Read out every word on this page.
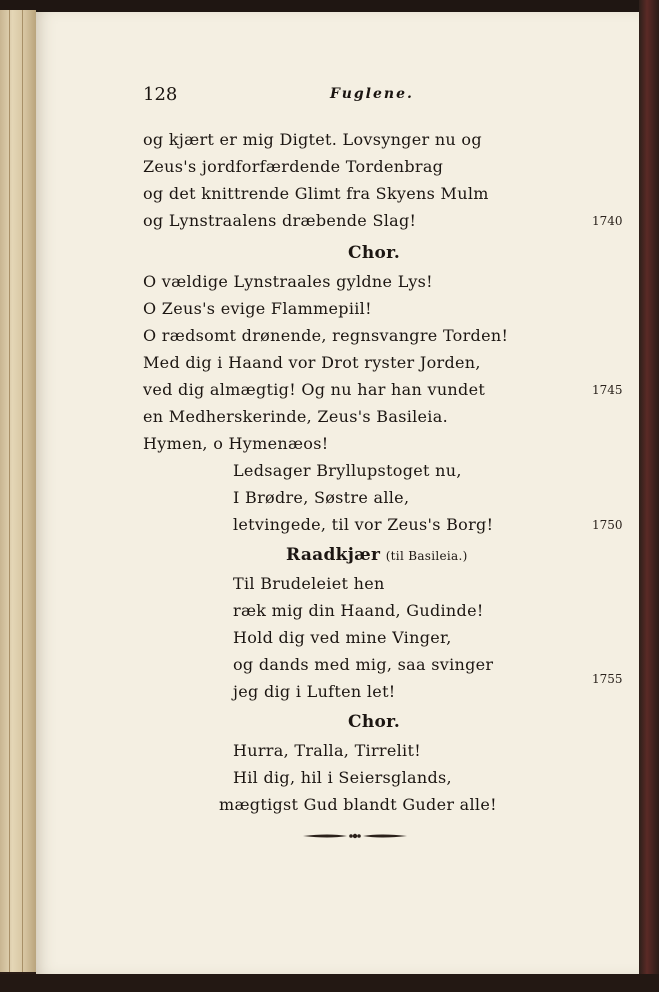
128	Fuglene.
og kjært er mig Digtet. Lovsynger nu og
Zeus's jordforfærdende Tordenbrag
og det knittrende Glimt fra Skyens Mulm
og Lynstraalens dræbende Slag!	1740
Chor.
O vældige Lynstraales gyldne Lys!
O Zeus's evige Flammepiil!
O rædsomt drønende, regnsvangre Torden!
Med dig i Haand vor Drot ryster Jorden,
ved dig almægtig! Og nu har han vundet	1745
en Medherskerinde, Zeus's Basileia.
Hymen, o Hymenæos!
Ledsager Bryllupstoget nu,
I Brødre, Søstre alle,
letvingede, til vor Zeus's Borg!	1750
Raadkjær (til Basileia.)
Til Brudeleiet hen
ræk mig din Haand, Gudinde!
Hold dig ved mine Vinger,
og dands med mig, saa svinger
jeg dig i Luften let!
1755
Chor.
Hurra, Tralla, Tirrelit!
Hil dig, hil i Seiersglands,
mægtigst Gud blandt Guder alle!
